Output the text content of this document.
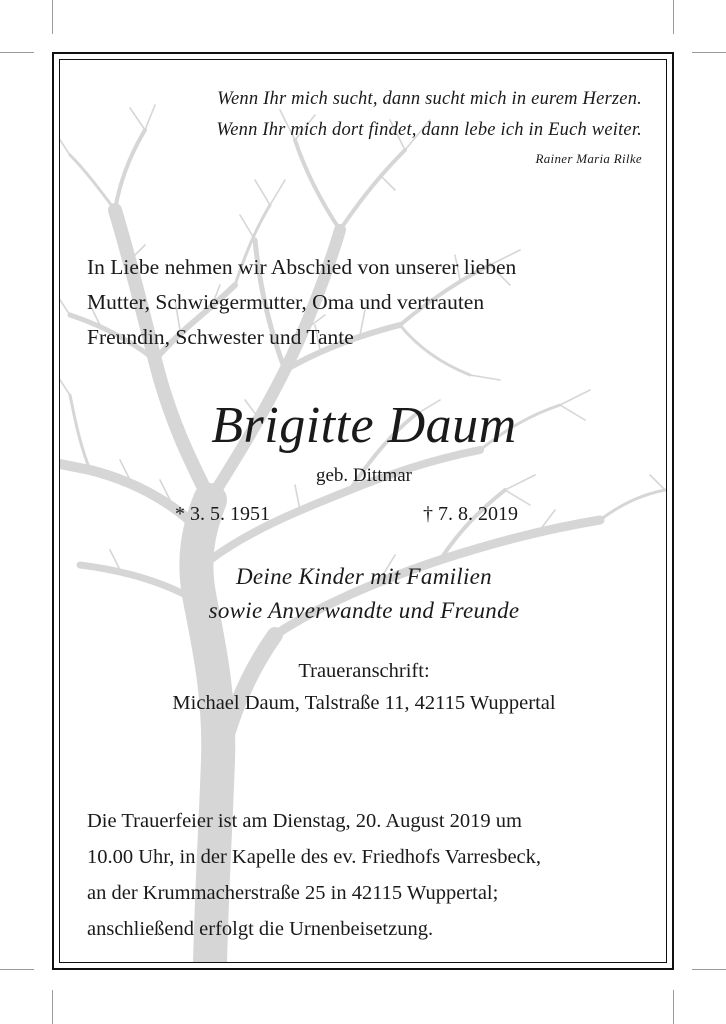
Wenn Ihr mich sucht, dann sucht mich in eurem Herzen.

Wenn Ihr mich dort findet, dann lebe ich in Euch weiter.

Rainer Maria Rilke

In Liebe nehmen wir Abschied von unserer lieben

Mutter, Schwiegermutter, Oma und vertrauten

Freundin, Schwester und Tante

Brigitte Daum

geb. Dittmar

* 3. 5. 1951	† 7. 8. 2019

Deine Kinder mit Familien

sowie Anverwandte und Freunde

Traueranschrift:

Michael Daum, Talstraße 11, 42115 Wuppertal

Die Trauerfeier ist am Dienstag, 20. August 2019 um

10.00 Uhr, in der Kapelle des ev. Friedhofs Varresbeck,

an der Krummacherstraße 25 in 42115 Wuppertal;

anschließend erfolgt die Urnenbeisetzung.
